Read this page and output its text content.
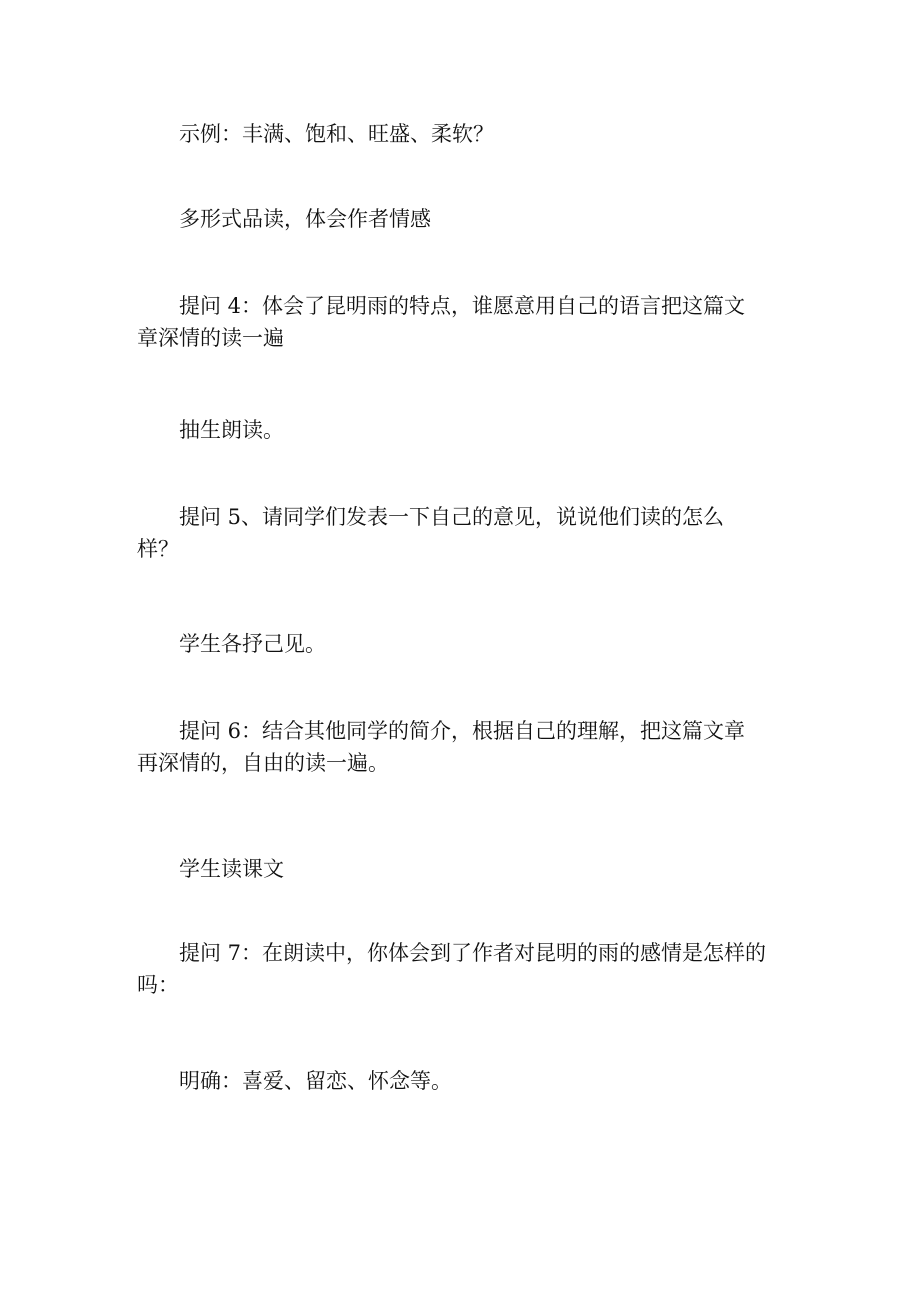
示例：丰满、饱和、旺盛、柔软？

多形式品读，体会作者情感

提问 4：体会了昆明雨的特点，谁愿意用自己的语言把这篇文
章深情的读一遍

抽生朗读。

提问 5、请同学们发表一下自己的意见，说说他们读的怎么
样？

学生各抒己见。

提问 6：结合其他同学的简介，根据自己的理解，把这篇文章
再深情的，自由的读一遍。

学生读课文

提问 7：在朗读中，你体会到了作者对昆明的雨的感情是怎样的
吗：

明确：喜爱、留恋、怀念等。
